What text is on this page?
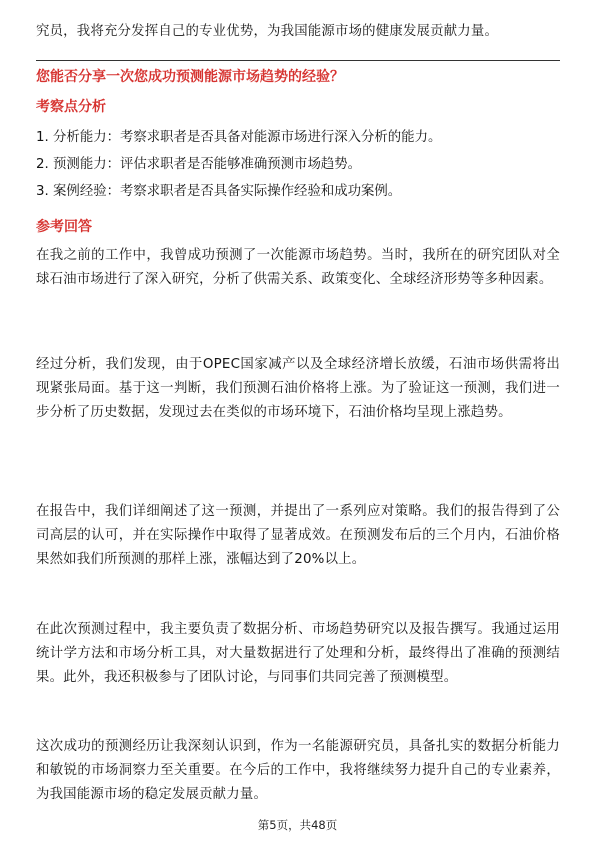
究员，我将充分发挥自己的专业优势，为我国能源市场的健康发展贡献力量。
您能否分享一次您成功预测能源市场趋势的经验？
考察点分析
1. 分析能力：考察求职者是否具备对能源市场进行深入分析的能力。
2. 预测能力：评估求职者是否能够准确预测市场趋势。
3. 案例经验：考察求职者是否具备实际操作经验和成功案例。
参考回答
在我之前的工作中，我曾成功预测了一次能源市场趋势。当时，我所在的研究团队对全球石油市场进行了深入研究，分析了供需关系、政策变化、全球经济形势等多种因素。
经过分析，我们发现，由于OPEC国家减产以及全球经济增长放缓，石油市场供需将出现紧张局面。基于这一判断，我们预测石油价格将上涨。为了验证这一预测，我们进一步分析了历史数据，发现过去在类似的市场环境下，石油价格均呈现上涨趋势。
在报告中，我们详细阐述了这一预测，并提出了一系列应对策略。我们的报告得到了公司高层的认可，并在实际操作中取得了显著成效。在预测发布后的三个月内，石油价格果然如我们所预测的那样上涨，涨幅达到了20%以上。
在此次预测过程中，我主要负责了数据分析、市场趋势研究以及报告撰写。我通过运用统计学方法和市场分析工具，对大量数据进行了处理和分析，最终得出了准确的预测结果。此外，我还积极参与了团队讨论，与同事们共同完善了预测模型。
这次成功的预测经历让我深刻认识到，作为一名能源研究员，具备扎实的数据分析能力和敏锐的市场洞察力至关重要。在今后的工作中，我将继续努力提升自己的专业素养，为我国能源市场的稳定发展贡献力量。
第5页，共48页
